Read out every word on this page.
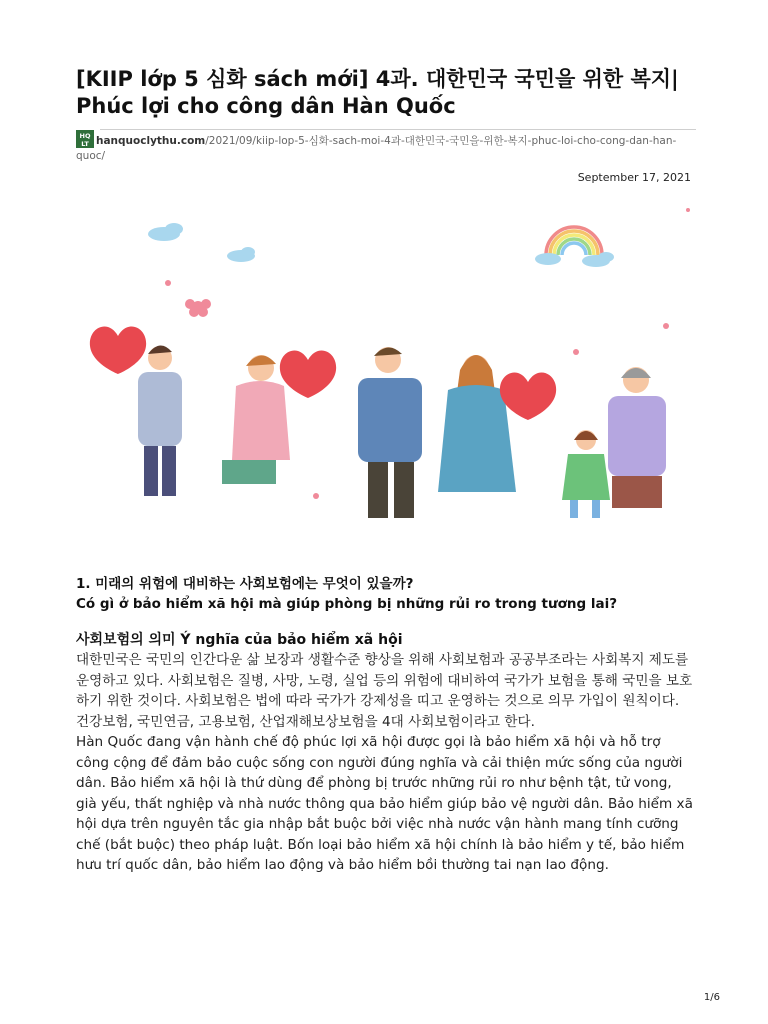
[KIIP lớp 5 심화 sách mới] 4과. 대한민국 국민을 위한 복지| Phúc lợi cho công dân Hàn Quốc
HQ
LT hanquoclythu.com/2021/09/kiip-lop-5-심화-sach-moi-4과-대한민국-국민을-위한-복지-phuc-loi-cho-cong-dan-han-quoc/
September 17, 2021
1. 미래의 위험에 대비하는 사회보험에는 무엇이 있을까?
Có gì ở bảo hiểm xã hội mà giúp phòng bị những rủi ro trong tương lai?
사회보험의 의미 Ý nghĩa của bảo hiểm xã hội

대한민국은 국민의 인간다운 삶 보장과 생활수준 향상을 위해 사회보험과 공공부조라는 사회복지 제도를 운영하고 있다. 사회보험은 질병, 사망, 노령, 실업 등의 위험에 대비하여 국가가 보험을 통해 국민을 보호하기 위한 것이다. 사회보험은 법에 따라 국가가 강제성을 띠고 운영하는 것으로 의무 가입이 원칙이다. 건강보험, 국민연금, 고용보험, 산업재해보상보험을 4대 사회보험이라고 한다.

Hàn Quốc đang vận hành chế độ phúc lợi xã hội được gọi là bảo hiểm xã hội và hỗ trợ công cộng để đảm bảo cuộc sống con người đúng nghĩa và cải thiện mức sống của người dân. Bảo hiểm xã hội là thứ dùng để phòng bị trước những rủi ro như bệnh tật, tử vong, già yếu, thất nghiệp và nhà nước thông qua bảo hiểm giúp bảo vệ người dân. Bảo hiểm xã hội dựa trên nguyên tắc gia nhập bắt buộc bởi việc nhà nước vận hành mang tính cưỡng chế (bắt buộc) theo pháp luật. Bốn loại bảo hiểm xã hội chính là bảo hiểm y tế, bảo hiểm hưu trí quốc dân, bảo hiểm lao động và bảo hiểm bồi thường tai nạn lao động.

1/6
